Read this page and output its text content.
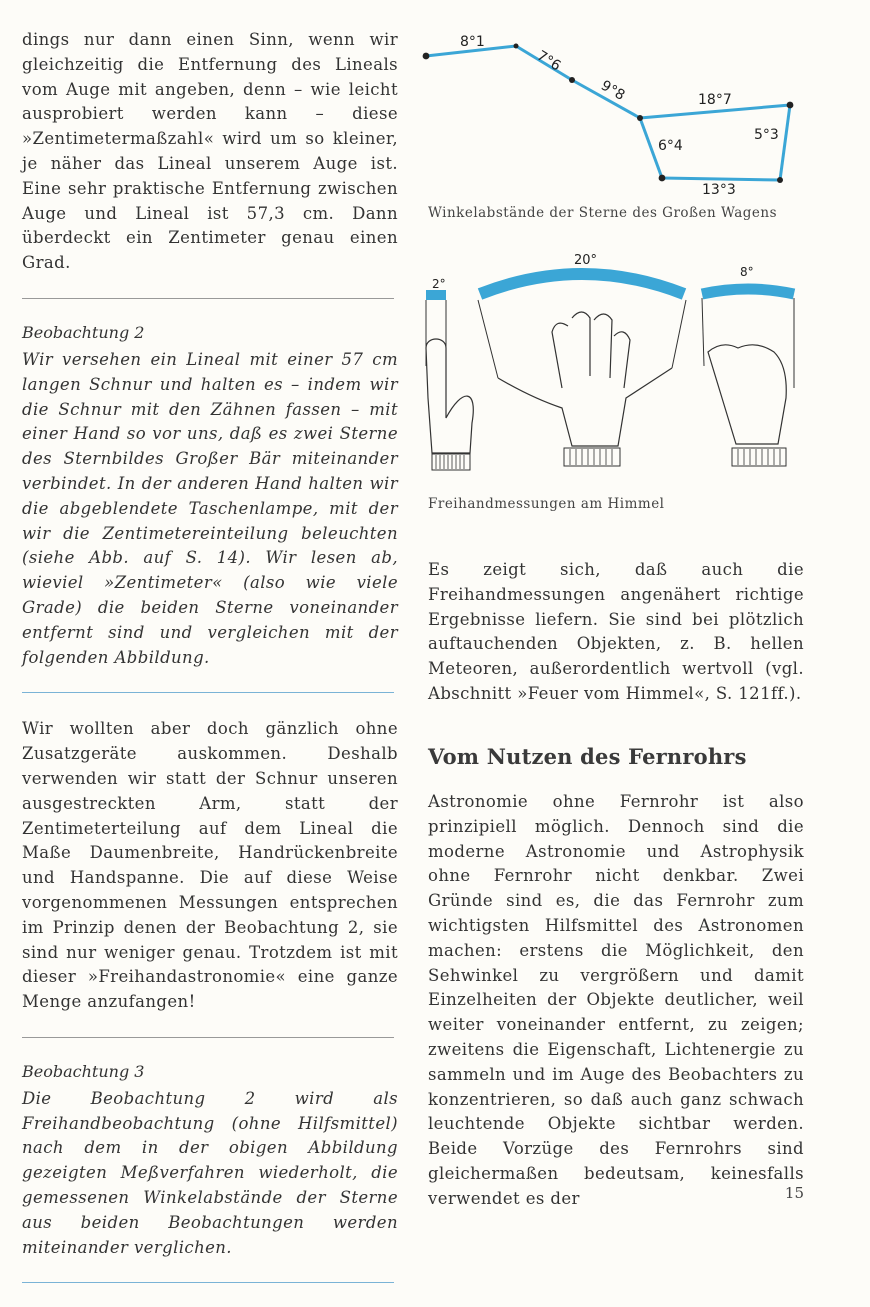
dings nur dann einen Sinn, wenn wir gleichzeitig die Entfernung des Lineals vom Auge mit angeben, denn – wie leicht ausprobiert werden kann – diese »Zentimetermaßzahl« wird um so kleiner, je näher das Lineal unserem Auge ist. Eine sehr praktische Entfernung zwischen Auge und Lineal ist 57,3 cm. Dann überdeckt ein Zentimeter genau einen Grad.

Beobachtung 2

Wir versehen ein Lineal mit einer 57 cm langen Schnur und halten es – indem wir die Schnur mit den Zähnen fassen – mit einer Hand so vor uns, daß es zwei Sterne des Sternbildes Großer Bär miteinander verbindet. In der anderen Hand halten wir die abgeblendete Taschenlampe, mit der wir die Zentimetereinteilung beleuchten (siehe Abb. auf S. 14). Wir lesen ab, wieviel »Zentimeter« (also wie viele Grade) die beiden Sterne voneinander entfernt sind und vergleichen mit der folgenden Abbildung.

Wir wollten aber doch gänzlich ohne Zusatzgeräte auskommen. Deshalb verwenden wir statt der Schnur unseren ausgestreckten Arm, statt der Zentimeterteilung auf dem Lineal die Maße Daumenbreite, Handrückenbreite und Handspanne. Die auf diese Weise vorgenommenen Messungen entsprechen im Prinzip denen der Beobachtung 2, sie sind nur weniger genau. Trotzdem ist mit dieser »Freihandastronomie« eine ganze Menge anzufangen!

Beobachtung 3

Die Beobachtung 2 wird als Freihandbeobachtung (ohne Hilfsmittel) nach dem in der obigen Abbildung gezeigten Meßverfahren wiederholt, die gemessenen Winkelabstände der Sterne aus beiden Beobachtungen werden miteinander verglichen.

8°1
7°6
9°8	18°7
5°3
6°4
13°3

Winkelabstände der Sterne des Großen Wagens

2°
20°
8°

Freihandmessungen am Himmel

Es zeigt sich, daß auch die Freihandmessungen angenähert richtige Ergebnisse liefern. Sie sind bei plötzlich auftauchenden Objekten, z. B. hellen Meteoren, außerordentlich wertvoll (vgl. Abschnitt »Feuer vom Himmel«, S. 121ff.).

Vom Nutzen des Fernrohrs

Astronomie ohne Fernrohr ist also prinzipiell möglich. Dennoch sind die moderne Astronomie und Astrophysik ohne Fernrohr nicht denkbar. Zwei Gründe sind es, die das Fernrohr zum wichtigsten Hilfsmittel des Astronomen machen: erstens die Möglichkeit, den Sehwinkel zu vergrößern und damit Einzelheiten der Objekte deutlicher, weil weiter voneinander entfernt, zu zeigen; zweitens die Eigenschaft, Lichtenergie zu sammeln und im Auge des Beobachters zu konzentrieren, so daß auch ganz schwach leuchtende Objekte sichtbar werden. Beide Vorzüge des Fernrohrs sind gleichermaßen bedeutsam, keinesfalls verwendet es der	15
